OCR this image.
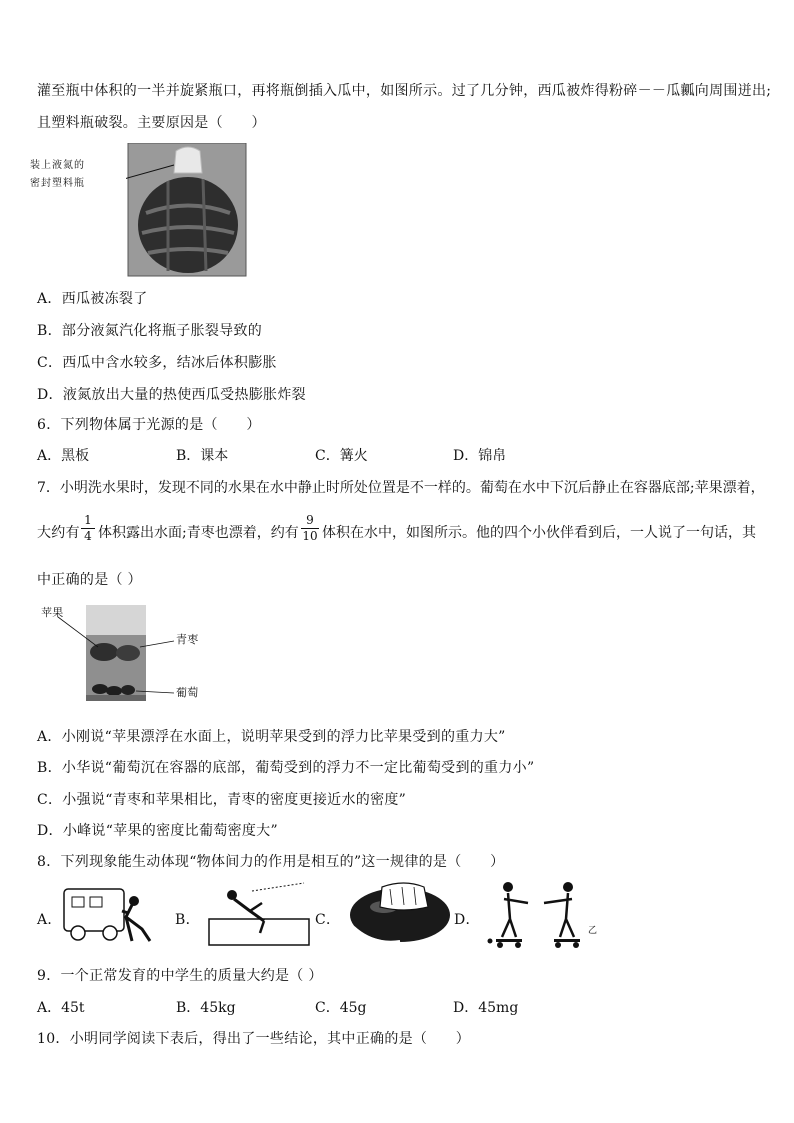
灌至瓶中体积的一半并旋紧瓶口，再将瓶倒插入瓜中，如图所示。过了几分钟，西瓜被炸得粉碎－－瓜瓤向周围迸出;
且塑料瓶破裂。主要原因是（　　）
装上液氮的
密封塑料瓶
A．西瓜被冻裂了
B．部分液氮汽化将瓶子胀裂导致的
C．西瓜中含水较多，结冰后体积膨胀
D．液氮放出大量的热使西瓜受热膨胀炸裂
6．下列物体属于光源的是（　　）
A．黑板	B．课本	C．篝火	D．锦帛
7．小明洗水果时，发现不同的水果在水中静止时所处位置是不一样的。葡萄在水中下沉后静止在容器底部;苹果漂着，
大约有
1
4 体积露出水面;青枣也漂着，约有
9
10 体积在水中，如图所示。他的四个小伙伴看到后，一人说了一句话，其
中正确的是（ ）
苹果
青枣
葡萄
A．小刚说“苹果漂浮在水面上，说明苹果受到的浮力比苹果受到的重力大”
B．小华说“葡萄沉在容器的底部，葡萄受到的浮力不一定比葡萄受到的重力小”
C．小强说“青枣和苹果相比，青枣的密度更接近水的密度”
D．小峰说“苹果的密度比葡萄密度大”
8．下列现象能生动体现“物体间力的作用是相互的”这一规律的是（　　）
A．	B．	C．	D．
乙
9．一个正常发育的中学生的质量大约是（ ）
A．45t	B．45kg	C．45g	D．45mg
10．小明同学阅读下表后，得出了一些结论，其中正确的是（　　）
